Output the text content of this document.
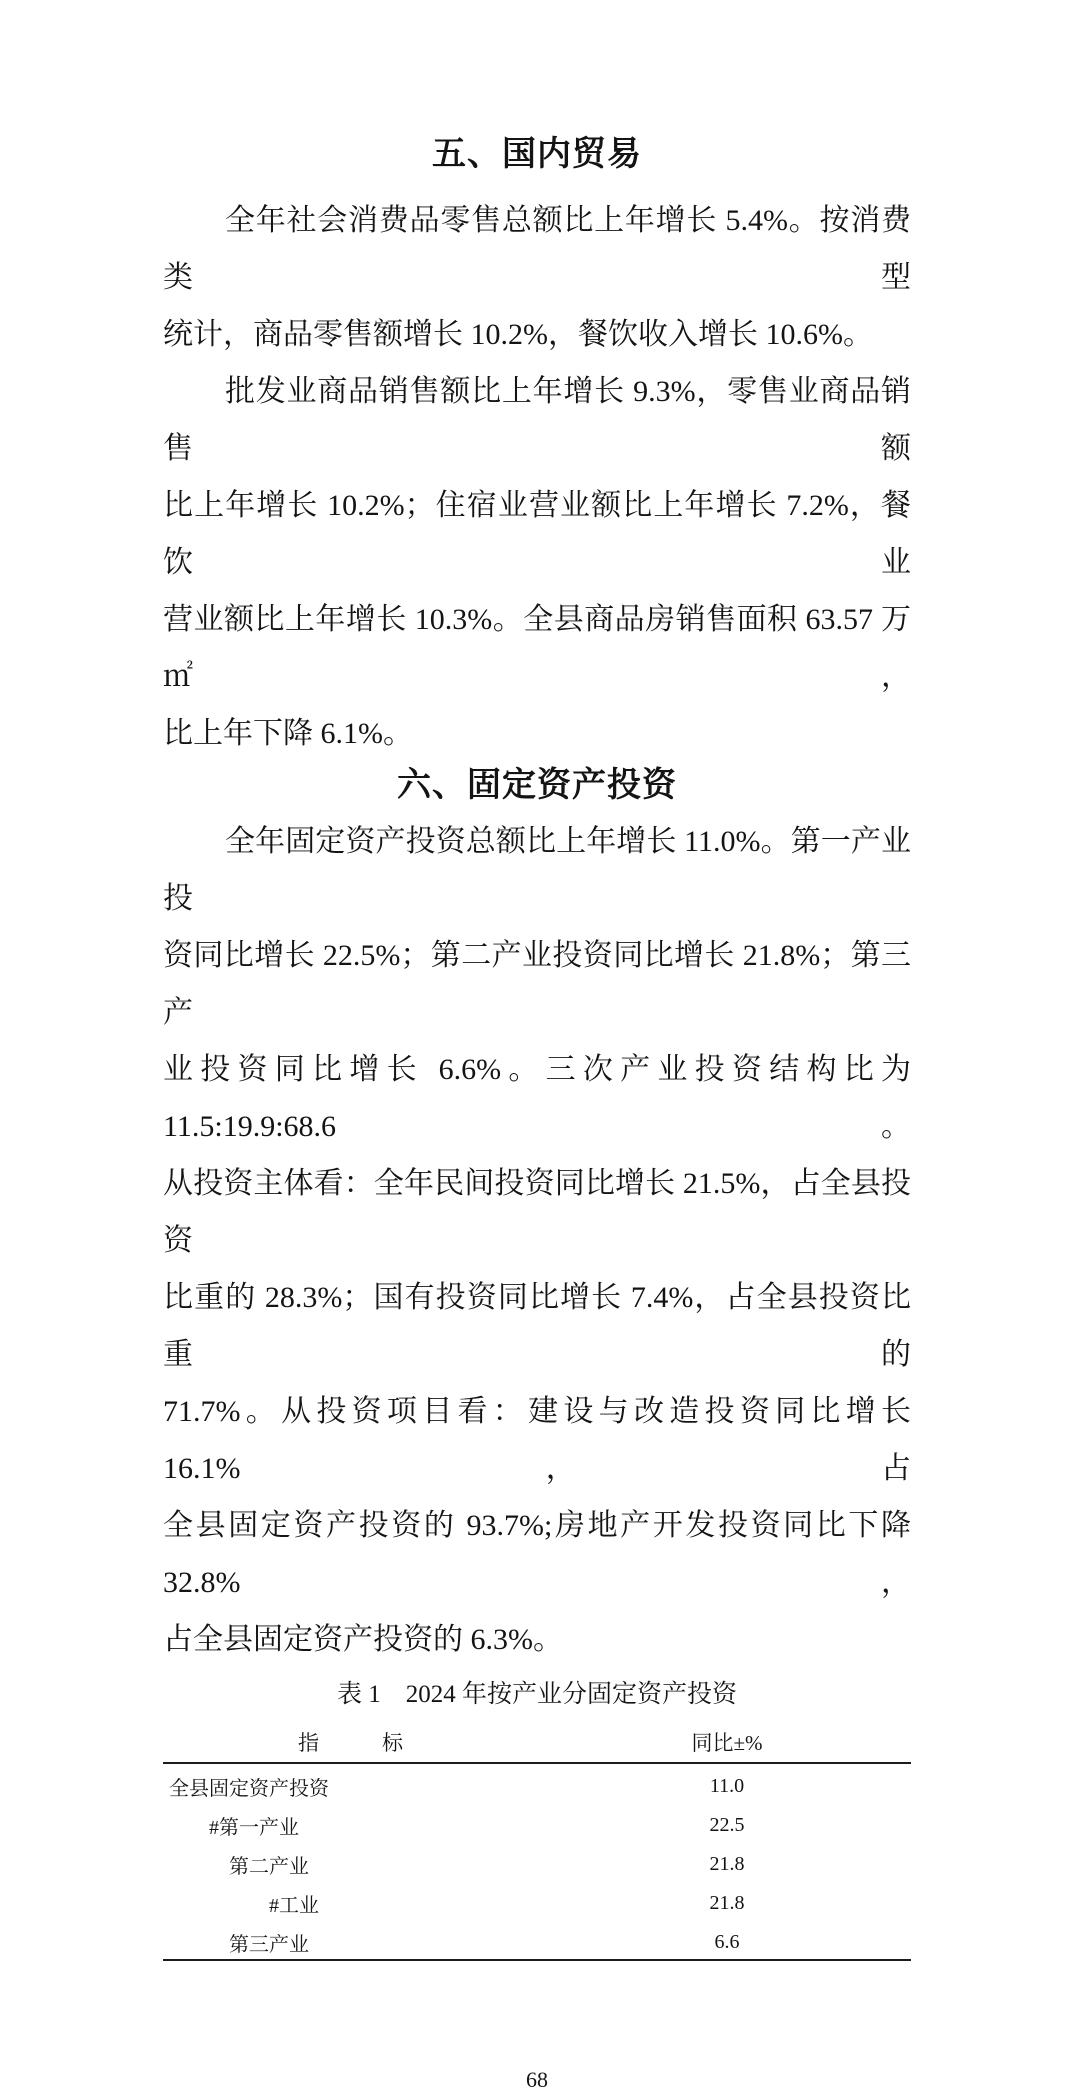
五、国内贸易
全年社会消费品零售总额比上年增长 5.4%。按消费类型
统计，商品零售额增长 10.2%，餐饮收入增长 10.6%。
批发业商品销售额比上年增长 9.3%，零售业商品销售额
比上年增长 10.2%；住宿业营业额比上年增长 7.2%，餐饮业
营业额比上年增长 10.3%。全县商品房销售面积 63.57 万㎡，
比上年下降 6.1%。
六、固定资产投资
全年固定资产投资总额比上年增长 11.0%。第一产业投
资同比增长 22.5%；第二产业投资同比增长 21.8%；第三产
业投资同比增长 6.6%。三次产业投资结构比为 11.5:19.9:68.6。
从投资主体看：全年民间投资同比增长 21.5%，占全县投资
比重的 28.3%；国有投资同比增长 7.4%，占全县投资比重的
71.7%。从投资项目看：建设与改造投资同比增长 16.1%，占
全县固定资产投资的 93.7%;房地产开发投资同比下降 32.8%，
占全县固定资产投资的 6.3%。
表 1　2024 年按产业分固定资产投资
指　　　标	同比±%
全县固定资产投资	11.0
#第一产业	22.5
第二产业	21.8
#工业	21.8
第三产业	6.6
68
